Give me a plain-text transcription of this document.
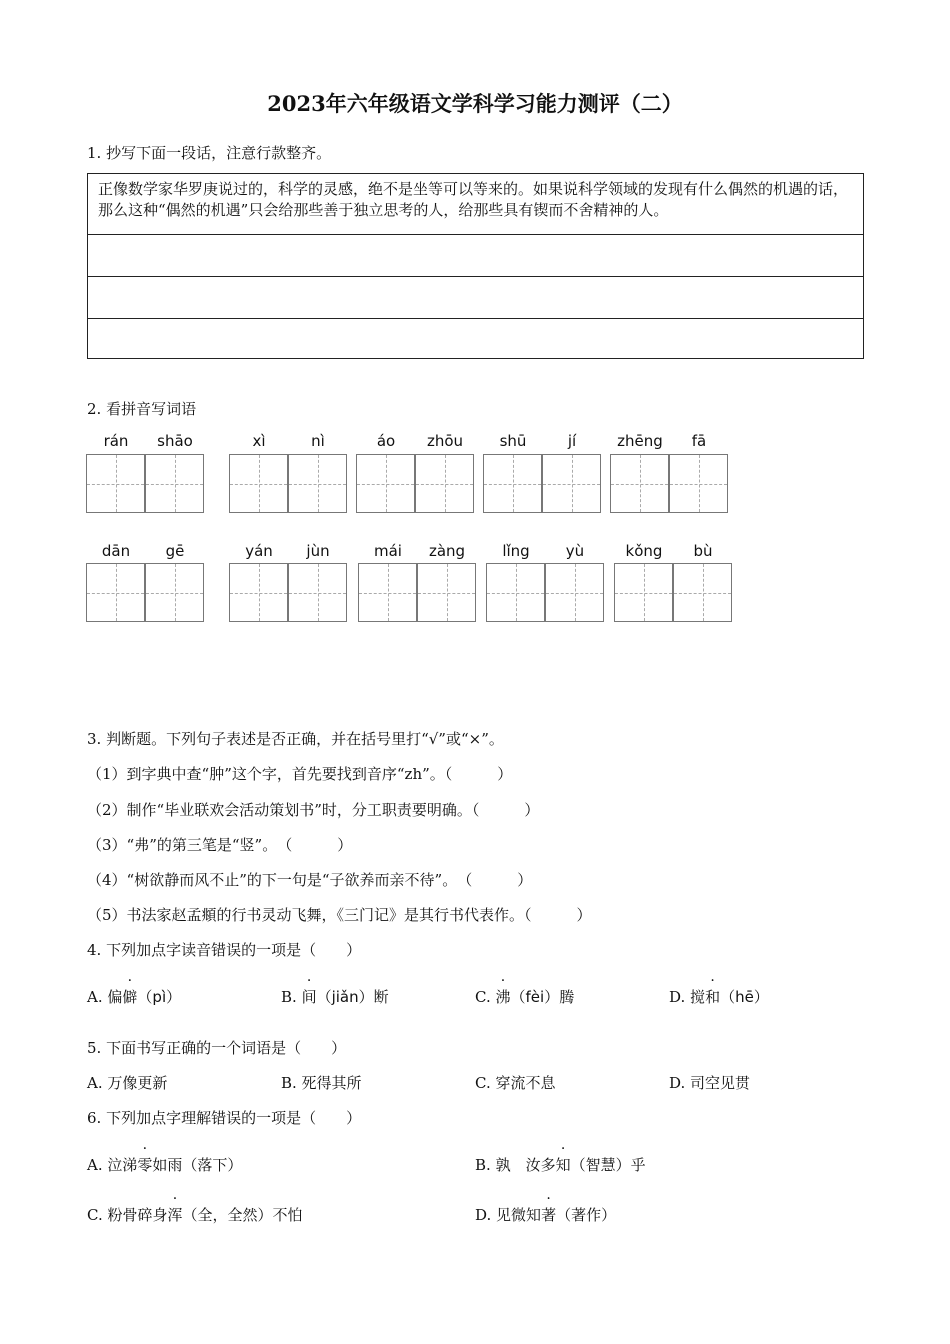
2023年六年级语文学科学习能力测评（二）
1. 抄写下面一段话，注意行款整齐。
正像数学家华罗庚说过的，科学的灵感，绝不是坐等可以等来的。如果说科学领域的发现有什么偶然的机遇的话，那么这种“偶然的机遇”只会给那些善于独立思考的人，给那些具有锲而不舍精神的人。
2. 看拼音写词语
rán	shāo	xì	nì	áo	zhōu	shū	jí	zhēng	fā
dān	gē	yán	jùn	mái	zàng	lǐng	yù	kǒng	bù
3. 判断题。下列句子表述是否正确，并在括号里打“√”或“×”。
（1）到字典中查“肿”这个字，首先要找到音序“zh”。（　　　）
（2）制作“毕业联欢会活动策划书”时，分工职责要明确。（　　　）
（3）“弗”的第三笔是“竖”。　（　　　）
（4）“树欲静而风不止”的下一句是“子欲养而亲不待”。　（　　　）
（5）书法家赵孟頫的行书灵动飞舞，《三门记》是其行书代表作。（　　　）
4. 下列加点字读音错误的一项是（　　）
A. 偏僻（pì）	B. 间（jiǎn）断	C. 沸（fèi）腾	D. 搅和（hē）
5. 下面书写正确的一个词语是（　　）
A. 万像更新	B. 死得其所	C. 穿流不息	D. 司空见贯
6. 下列加点字理解错误的一项是（　　）
A. 泣涕零如雨（落下）	B. 孰　汝多知（智慧）乎
C. 粉骨碎身浑（全，全然）不怕	D. 见微知著（著作）
